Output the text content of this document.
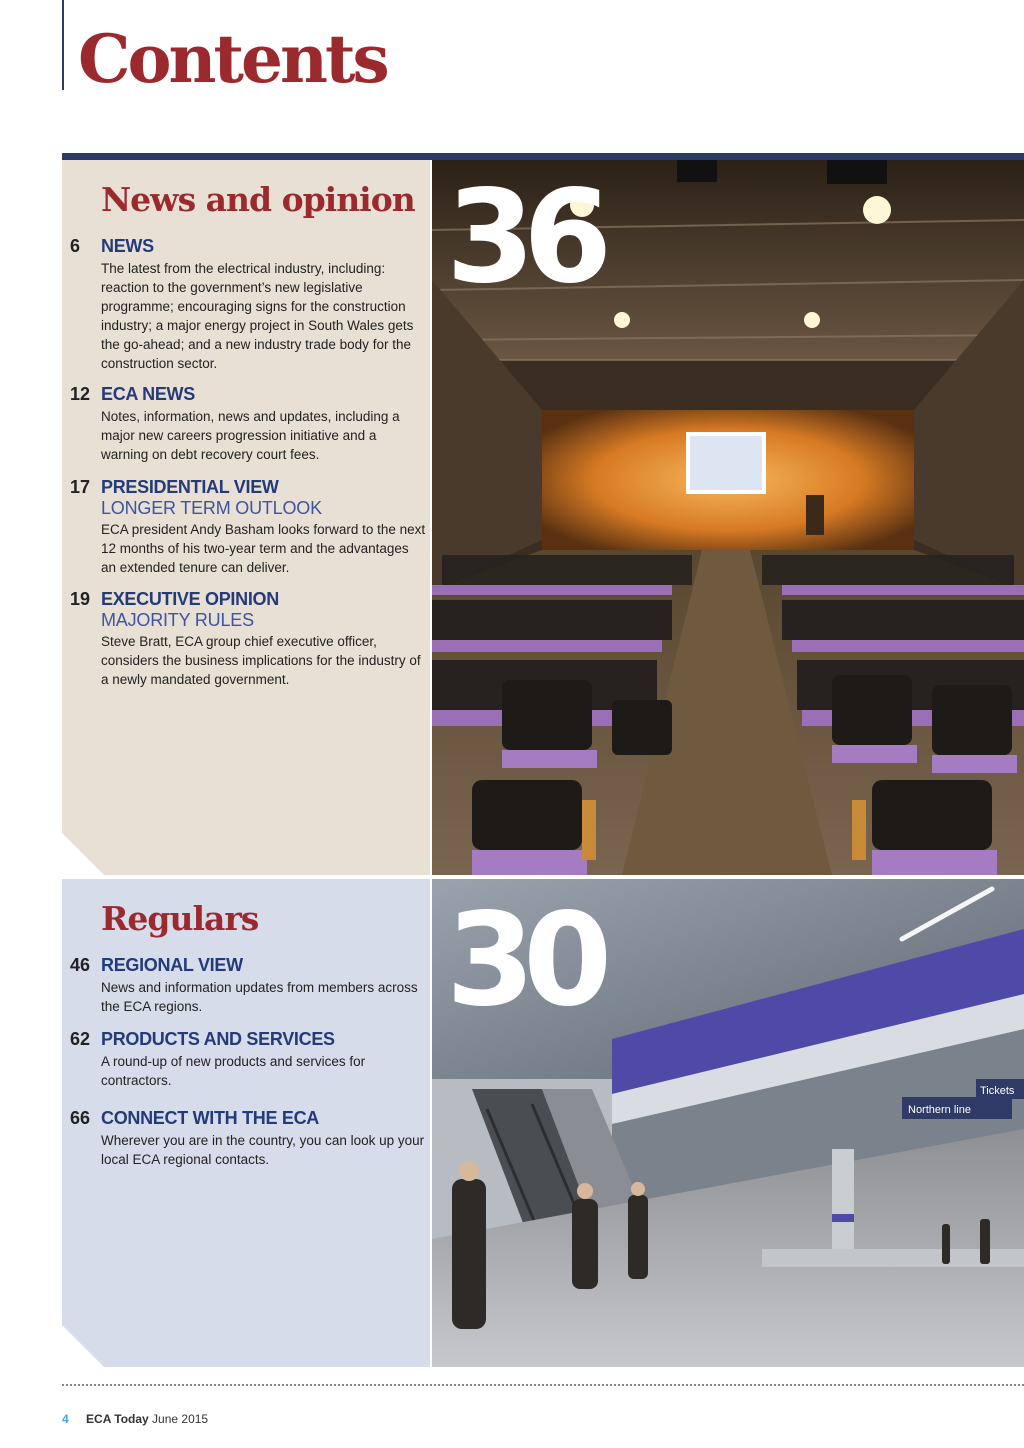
Contents
News and opinion
6 NEWS
The latest from the electrical industry, including: reaction to the government’s new legislative programme; encouraging signs for the construction industry; a major energy project in South Wales gets the go-ahead; and a new industry trade body for the construction sector.
12 ECA NEWS
Notes, information, news and updates, including a major new careers progression initiative and a warning on debt recovery court fees.
17 PRESIDENTIAL VIEW
LONGER TERM OUTLOOK
ECA president Andy Basham looks forward to the next 12 months of his two-year term and the advantages an extended tenure can deliver.
19 EXECUTIVE OPINION
MAJORITY RULES
Steve Bratt, ECA group chief executive officer, considers the business implications for the industry of a newly mandated government.
36
Regulars
46 REGIONAL VIEW
News and information updates from members across the ECA regions.
62 PRODUCTS AND SERVICES
A round-up of new products and services for contractors.
66 CONNECT WITH THE ECA
Wherever you are in the country, you can look up your local ECA regional contacts.
Northern line
Tickets
30
4 ECA Today June 2015
